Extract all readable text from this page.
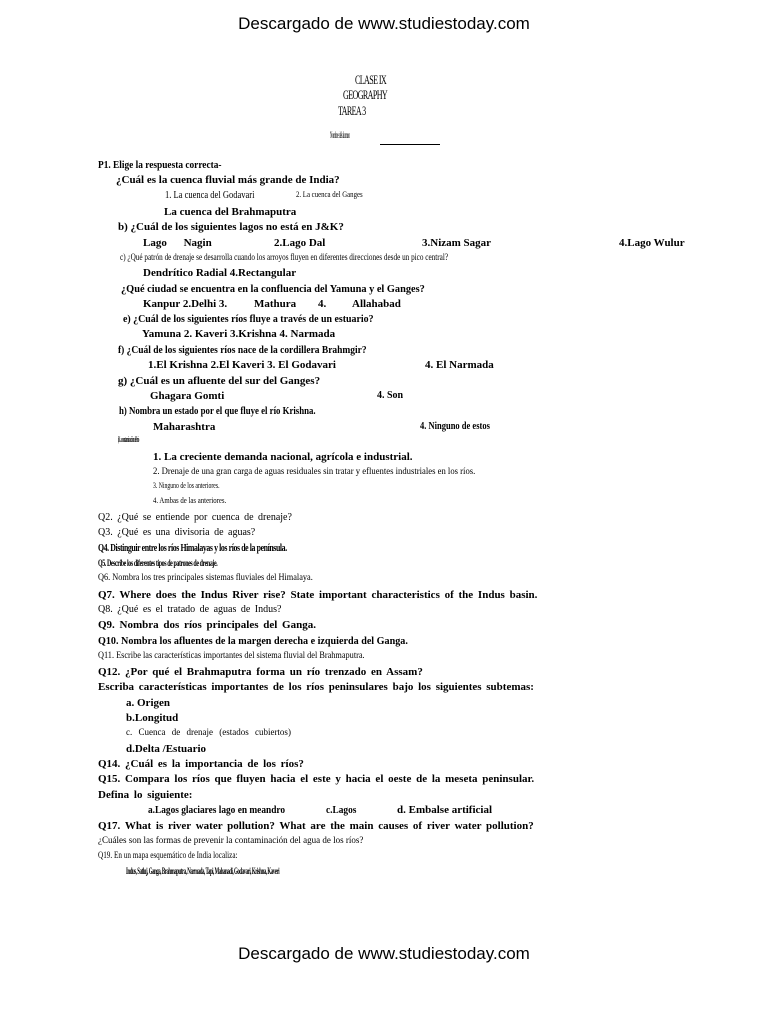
Descargado de www.studiestoday.com
Descargado de www.studiestoday.com
CLASE IX
GEOGRAPHY
TAREA 3
Nombre del alumno
P1. Elige la respuesta correcta-
¿Cuál es la cuenca fluvial más grande de India?
1. La cuenca del Godavari	2. La cuenca del Ganges
La cuenca del Brahmaputra
b) ¿Cuál de los siguientes lagos no está en J&K?
Lago Nagin	2.Lago Dal	3.Nizam Sagar	4.Lago Wulur
c) ¿Qué patrón de drenaje se desarrolla cuando los arroyos fluyen en diferentes direcciones desde un pico central?
Dendrítico Radial 4.Rectangular
¿Qué ciudad se encuentra en la confluencia del Yamuna y el Ganges?
Kanpur 2.Delhi 3. Mathura 4. Allahabad
e) ¿Cuál de los siguientes ríos fluye a través de un estuario?
Yamuna 2. Kaveri 3.Krishna 4. Narmada
f) ¿Cuál de los siguientes ríos nace de la cordillera Brahmgir?
1.El Krishna 2.El Kaveri 3. El Godavari	4. El Narmada
g) ¿Cuál es un afluente del sur del Ganges?
Ghagara Gomti	4. Son
h) Nombra un estado por el que fluye el río Krishna.
Maharashtra	4. Ninguno de estos
i) La contaminación del río
1. La creciente demanda nacional, agrícola e industrial.
2. Drenaje de una gran carga de aguas residuales sin tratar y efluentes industriales en los ríos.
3. Ninguno de los anteriores.
4. Ambas de las anteriores.
Q2. ¿Qué se entiende por cuenca de drenaje?
Q3. ¿Qué es una divisoria de aguas?
Q4. Distinguir entre los ríos Himalayas y los ríos de la península.
Q5. Describe los diferentes tipos de patrones de drenaje.
Q6. Nombra los tres principales sistemas fluviales del Himalaya.
Q7. Where does the Indus River rise? State important characteristics of the Indus basin.
Q8. ¿Qué es el tratado de aguas de Indus?
Q9. Nombra dos ríos principales del Ganga.
Q10. Nombra los afluentes de la margen derecha e izquierda del Ganga.
Q11. Escribe las características importantes del sistema fluvial del Brahmaputra.
Q12. ¿Por qué el Brahmaputra forma un río trenzado en Assam?
Escriba características importantes de los ríos peninsulares bajo los siguientes subtemas:
a. Origen
b.Longitud
c. Cuenca de drenaje (estados cubiertos)
d.Delta /Estuario
Q14. ¿Cuál es la importancia de los ríos?
Q15. Compara los ríos que fluyen hacia el este y hacia el oeste de la meseta peninsular.
Defina lo siguiente:
a.Lagos glaciares lago en meandro	c.Lagos	d. Embalse artificial
Q17. What is river water pollution? What are the main causes of river water pollution?
¿Cuáles son las formas de prevenir la contaminación del agua de los ríos?
Q19. En un mapa esquemático de India localiza:
Indus, Satluj, Ganga, Brahmaputra, Narmada, Tapi, Mahanadi, Godavari, Krishna, Kaveri
